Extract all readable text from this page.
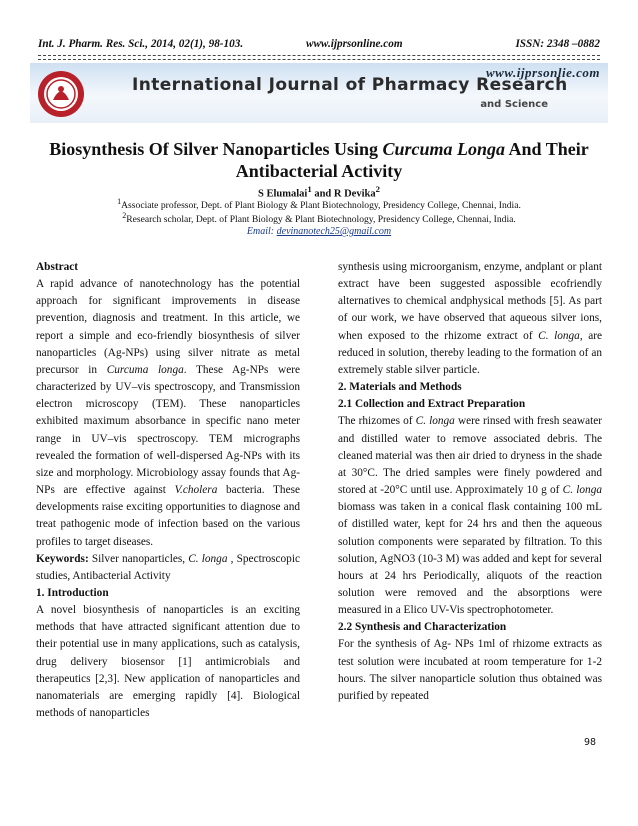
Int. J. Pharm. Res. Sci., 2014, 02(1), 98-103.	www.ijprsonline.com	ISSN: 2348 –0882
www.ijprsonlie.com
International Journal of Pharmacy Research
and Science
Biosynthesis Of Silver Nanoparticles Using Curcuma Longa And Their Antibacterial Activity
S Elumalai$^1$ and R Devika$^2$
$^1$Associate professor, Dept. of Plant Biology & Plant Biotechnology, Presidency College, Chennai, India.
$^2$Research scholar, Dept. of Plant Biology & Plant Biotechnology, Presidency College, Chennai, India.
Email: devinanotech25@gmail.com

Abstract

A rapid advance of nanotechnology has the potential approach for significant improvements in disease prevention, diagnosis and treatment. In this article, we report a simple and eco-friendly biosynthesis of silver nanoparticles (Ag-NPs) using silver nitrate as metal precursor in Curcuma longa. These Ag-NPs were characterized by UV–vis spectroscopy, and Transmission electron microscopy (TEM). These nanoparticles exhibited maximum absorbance in specific nano meter range in UV–vis spectroscopy. TEM micrographs revealed the formation of well-dispersed Ag-NPs with its size and morphology. Microbiology assay founds that Ag-NPs are effective against V.cholera bacteria. These developments raise exciting opportunities to diagnose and treat pathogenic mode of infection based on the various profiles to target diseases.

Keywords: Silver nanoparticles, C. longa , Spectroscopic studies, Antibacterial Activity

1. Introduction

A novel biosynthesis of nanoparticles is an exciting methods that have attracted significant attention due to their potential use in many applications, such as catalysis, drug delivery biosensor [1] antimicrobials and therapeutics [2,3]. New application of nanoparticles and nanomaterials are emerging rapidly [4]. Biological methods of nanoparticles

synthesis using microorganism, enzyme, andplant or plant extract have been suggested aspossible ecofriendly alternatives to chemical andphysical methods [5]. As part of our work, we have observed that aqueous silver ions, when exposed to the rhizome extract of C. longa, are reduced in solution, thereby leading to the formation of an extremely stable silver particle.

2. Materials and Methods

2.1 Collection and Extract Preparation

The rhizomes of C. longa were rinsed with fresh seawater and distilled water to remove associated debris. The cleaned material was then air dried to dryness in the shade at 30°C. The dried samples were finely powdered and stored at -20°C until use. Approximately 10 g of C. longa biomass was taken in a conical flask containing 100 mL of distilled water, kept for 24 hrs and then the aqueous solution components were separated by filtration. To this solution, AgNO3 (10-3 M) was added and kept for several hours at 24 hrs Periodically, aliquots of the reaction solution were removed and the absorptions were measured in a Elico UV-Vis spectrophotometer.

2.2 Synthesis and Characterization

For the synthesis of Ag- NPs 1ml of rhizome extracts as test solution were incubated at room temperature for 1-2 hours. The silver nanoparticle solution thus obtained was purified by repeated

98
